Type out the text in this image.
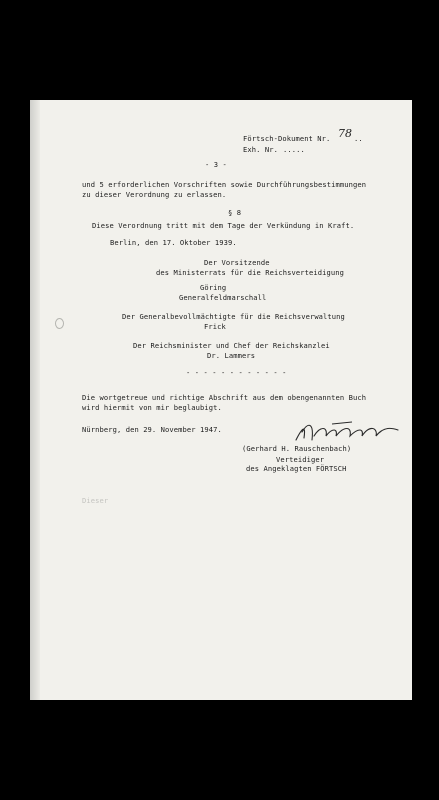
Förtsch-Dokument Nr. 78 ..
Exh. Nr. .....
- 3 -
und 5 erforderlichen Vorschriften sowie Durchführungsbestimmungen
zu dieser Verordnung zu erlassen.
§ 8
Diese Verordnung tritt mit dem Tage der Verkündung in Kraft.
Berlin, den 17. Oktober 1939.
Der Vorsitzende
des Ministerrats für die Reichsverteidigung
Göring
Generalfeldmarschall
Der Generalbevollmächtigte für die Reichsverwaltung
Frick
Der Reichsminister und Chef der Reichskanzlei
Dr. Lammers
- - - - - - - - - - - -
Die wortgetreue und richtige Abschrift aus dem obengenannten Buch
wird hiermit von mir beglaubigt.
Nürnberg, den 29. November 1947.
(Gerhard H. Rauschenbach)
Verteidiger
des Angeklagten FÖRTSCH
Dieser
